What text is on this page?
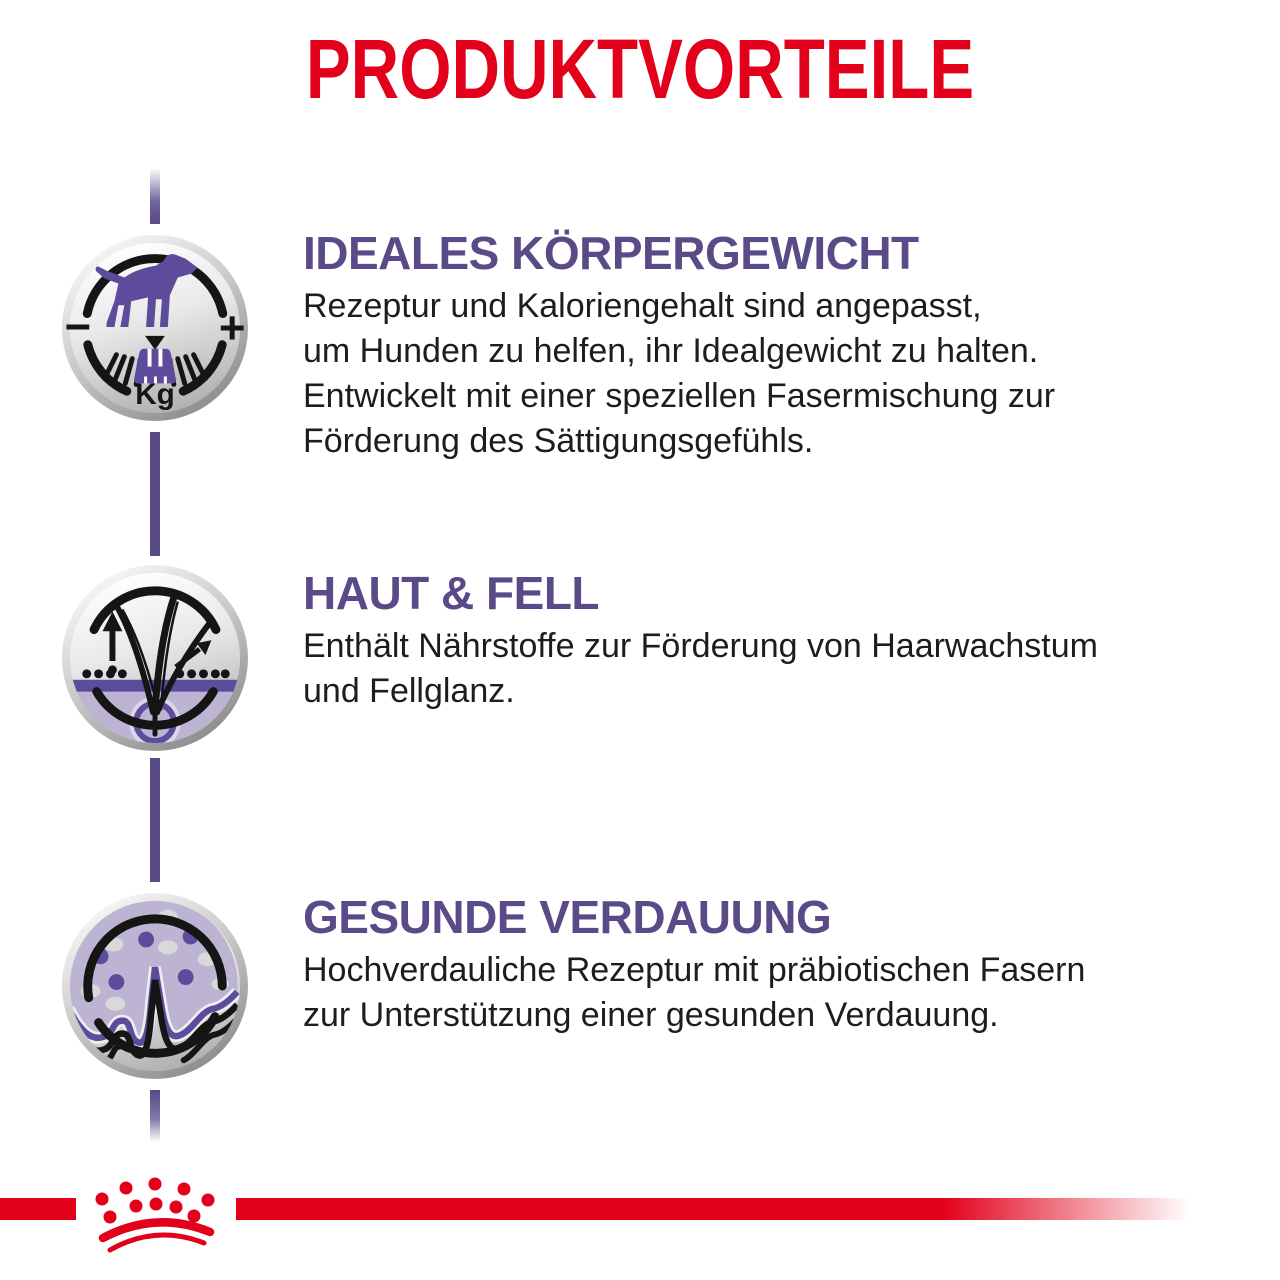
PRODUKTVORTEILE
−	+
Kg
IDEALES KÖRPERGEWICHT
Rezeptur und Kaloriengehalt sind angepasst,
um Hunden zu helfen, ihr Idealgewicht zu halten.
Entwickelt mit einer speziellen Fasermischung zur
Förderung des Sättigungsgefühls.
HAUT & FELL
Enthält Nährstoffe zur Förderung von Haarwachstum
und Fellglanz.
GESUNDE VERDAUUNG
Hochverdauliche Rezeptur mit präbiotischen Fasern
zur Unterstützung einer gesunden Verdauung.
